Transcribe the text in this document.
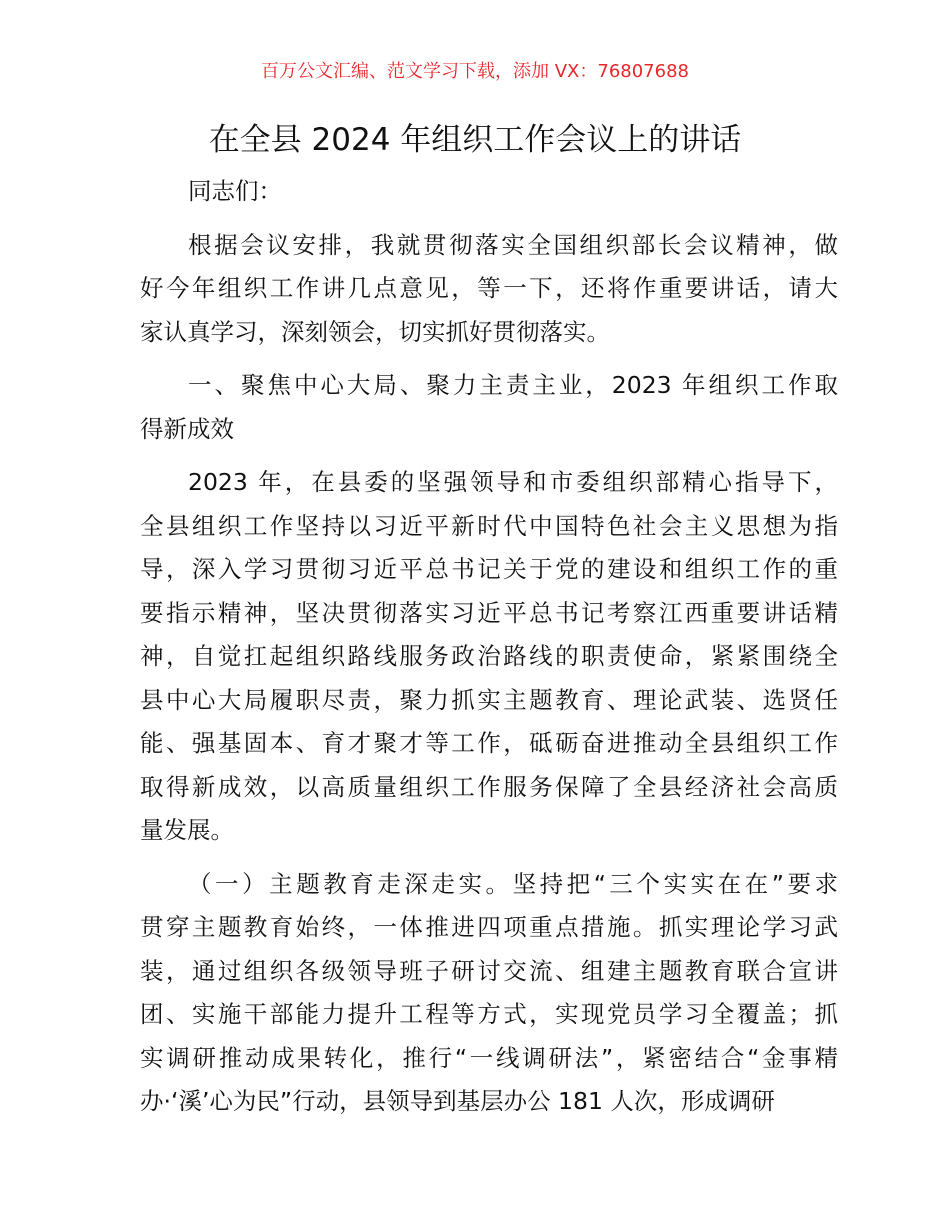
百万公文汇编、范文学习下载，添加 VX：76807688
在全县 2024 年组织工作会议上的讲话
同志们：
根据会议安排，我就贯彻落实全国组织部长会议精神，做
好今年组织工作讲几点意见，等一下，还将作重要讲话，请大
家认真学习，深刻领会，切实抓好贯彻落实。
一、聚焦中心大局、聚力主责主业，2023 年组织工作取
得新成效
2023 年，在县委的坚强领导和市委组织部精心指导下，
全县组织工作坚持以习近平新时代中国特色社会主义思想为指
导，深入学习贯彻习近平总书记关于党的建设和组织工作的重
要指示精神，坚决贯彻落实习近平总书记考察江西重要讲话精
神，自觉扛起组织路线服务政治路线的职责使命，紧紧围绕全
县中心大局履职尽责，聚力抓实主题教育、理论武装、选贤任
能、强基固本、育才聚才等工作，砥砺奋进推动全县组织工作
取得新成效，以高质量组织工作服务保障了全县经济社会高质
量发展。
（一）主题教育走深走实。坚持把“三个实实在在”要求
贯穿主题教育始终，一体推进四项重点措施。抓实理论学习武
装，通过组织各级领导班子研讨交流、组建主题教育联合宣讲
团、实施干部能力提升工程等方式，实现党员学习全覆盖；抓
实调研推动成果转化，推行“一线调研法”，紧密结合“金事精
办·‘溪’心为民”行动，县领导到基层办公 181 人次，形成调研
